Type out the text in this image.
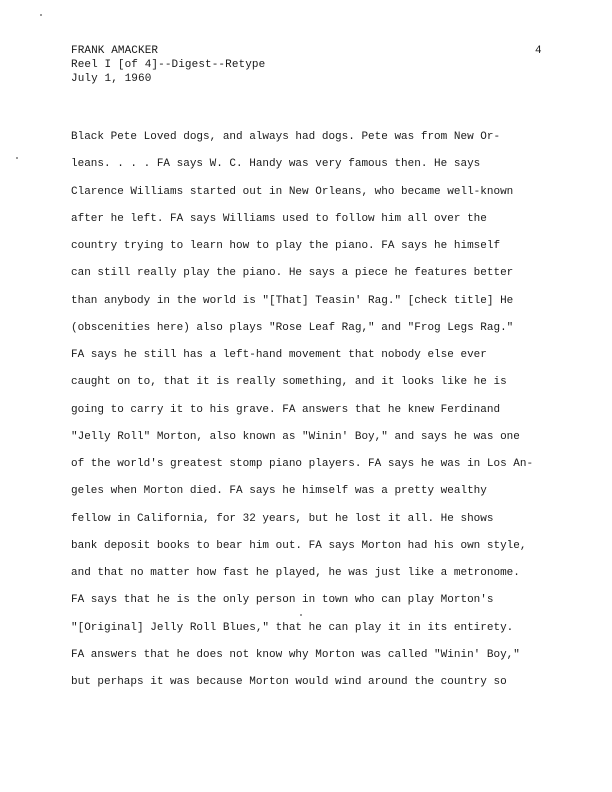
FRANK AMACKER
Reel I [of 4]--Digest--Retype
July 1, 1960
4
Black Pete Loved dogs, and always had dogs. Pete was from New Or-
leans. . . . FA says W. C. Handy was very famous then. He says
Clarence Williams started out in New Orleans, who became well-known
after he left. FA says Williams used to follow him all over the
country trying to learn how to play the piano. FA says he himself
can still really play the piano. He says a piece he features better
than anybody in the world is "[That] Teasin' Rag." [check title] He
(obscenities here) also plays "Rose Leaf Rag," and "Frog Legs Rag."
FA says he still has a left-hand movement that nobody else ever
caught on to, that it is really something, and it looks like he is
going to carry it to his grave. FA answers that he knew Ferdinand
"Jelly Roll" Morton, also known as "Winin' Boy," and says he was one
of the world's greatest stomp piano players. FA says he was in Los An-
geles when Morton died. FA says he himself was a pretty wealthy
fellow in California, for 32 years, but he lost it all. He shows
bank deposit books to bear him out. FA says Morton had his own style,
and that no matter how fast he played, he was just like a metronome.
FA says that he is the only person in town who can play Morton's
"[Original] Jelly Roll Blues," that he can play it in its entirety.
FA answers that he does not know why Morton was called "Winin' Boy,"
but perhaps it was because Morton would wind around the country so
